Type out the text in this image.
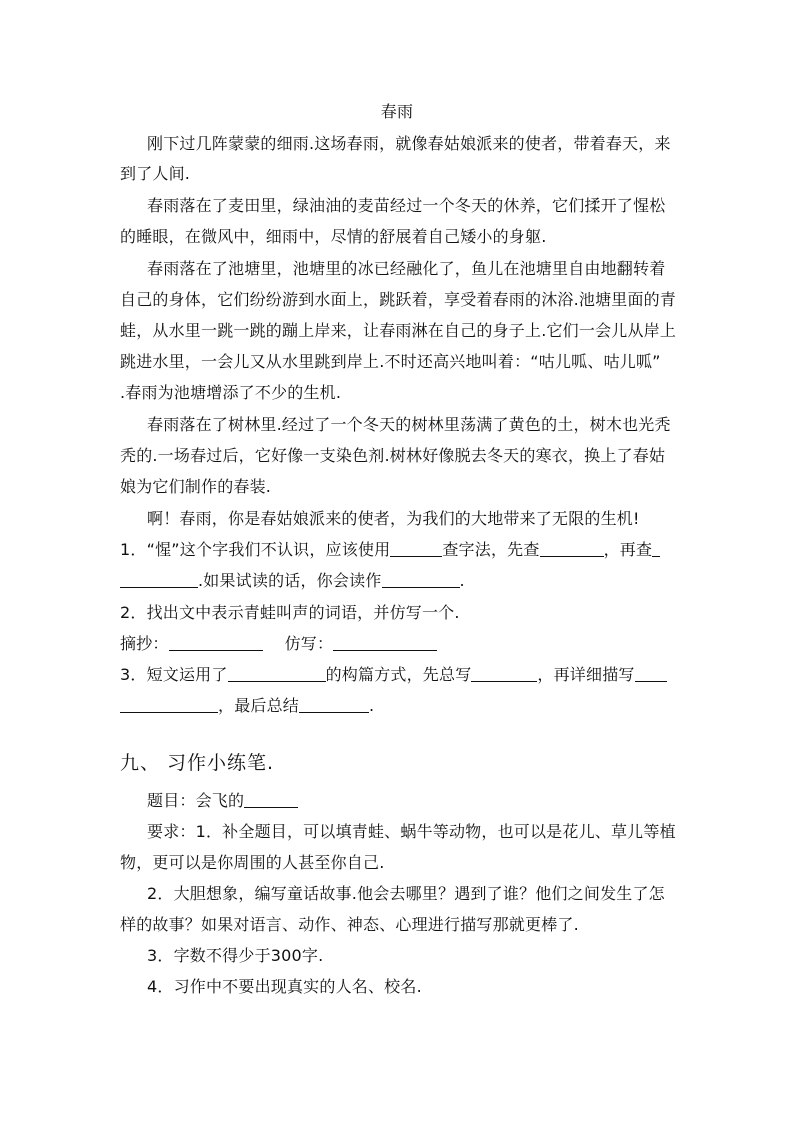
春雨
刚下过几阵蒙蒙的细雨.这场春雨，就像春姑娘派来的使者，带着春天，来
到了人间.
春雨落在了麦田里，绿油油的麦苗经过一个冬天的休养，它们揉开了惺松
的睡眼，在微风中，细雨中，尽情的舒展着自己矮小的身躯.
春雨落在了池塘里，池塘里的冰已经融化了，鱼儿在池塘里自由地翻转着
自己的身体，它们纷纷游到水面上，跳跃着，享受着春雨的沐浴.池塘里面的青
蛙，从水里一跳一跳的蹦上岸来，让春雨淋在自己的身子上.它们一会儿从岸上
跳进水里，一会儿又从水里跳到岸上.不时还高兴地叫着：“咕儿呱、咕儿呱”
.春雨为池塘增添了不少的生机.
春雨落在了树林里.经过了一个冬天的树林里荡满了黄色的土，树木也光秃
秃的.一场春过后，它好像一支染色剂.树林好像脱去冬天的寒衣，换上了春姑
娘为它们制作的春装.
啊！春雨，你是春姑娘派来的使者，为我们的大地带来了无限的生机!
1．“惺”这个字我们不认识，应该使用	查字法，先查	，再查
.如果试读的话，你会读作	.
2．找出文中表示青蛙叫声的词语，并仿写一个.
摘抄：	仿写：
3．短文运用了	的构篇方式，先总写	，再详细描写
，最后总结	.
九、 习作小练笔.
题目：会飞的
要求：1．补全题目，可以填青蛙、蜗牛等动物，也可以是花儿、草儿等植
物，更可以是你周围的人甚至你自己.
2．大胆想象，编写童话故事.他会去哪里？遇到了谁？他们之间发生了怎
样的故事？如果对语言、动作、神态、心理进行描写那就更棒了.
3．字数不得少于300字.
4．习作中不要出现真实的人名、校名.
